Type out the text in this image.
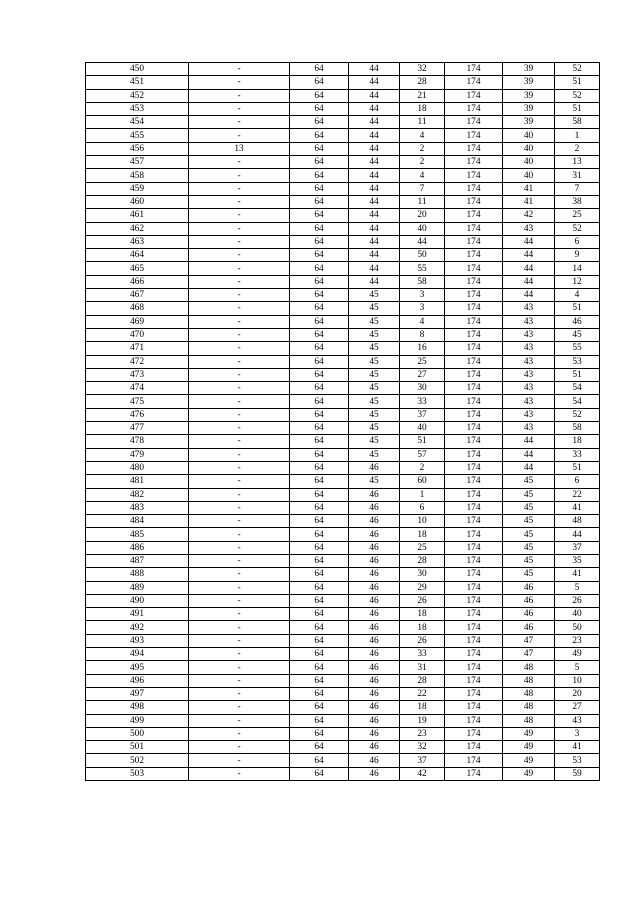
450	-	64	44	32	174	39	52
451	-	64	44	28	174	39	51
452	-	64	44	21	174	39	52
453	-	64	44	18	174	39	51
454	-	64	44	11	174	39	58
455	-	64	44	4	174	40	1
456	13	64	44	2	174	40	2
457	-	64	44	2	174	40	13
458	-	64	44	4	174	40	31
459	-	64	44	7	174	41	7
460	-	64	44	11	174	41	38
461	-	64	44	20	174	42	25
462	-	64	44	40	174	43	52
463	-	64	44	44	174	44	6
464	-	64	44	50	174	44	9
465	-	64	44	55	174	44	14
466	-	64	44	58	174	44	12
467	-	64	45	3	174	44	4
468	-	64	45	3	174	43	51
469	-	64	45	4	174	43	46
470	-	64	45	8	174	43	45
471	-	64	45	16	174	43	55
472	-	64	45	25	174	43	53
473	-	64	45	27	174	43	51
474	-	64	45	30	174	43	54
475	-	64	45	33	174	43	54
476	-	64	45	37	174	43	52
477	-	64	45	40	174	43	58
478	-	64	45	51	174	44	18
479	-	64	45	57	174	44	33
480	-	64	46	2	174	44	51
481	-	64	45	60	174	45	6
482	-	64	46	1	174	45	22
483	-	64	46	6	174	45	41
484	-	64	46	10	174	45	48
485	-	64	46	18	174	45	44
486	-	64	46	25	174	45	37
487	-	64	46	28	174	45	35
488	-	64	46	30	174	45	41
489	-	64	46	29	174	46	5
490	-	64	46	26	174	46	26
491	-	64	46	18	174	46	40
492	-	64	46	18	174	46	50
493	-	64	46	26	174	47	23
494	-	64	46	33	174	47	49
495	-	64	46	31	174	48	5
496	-	64	46	28	174	48	10
497	-	64	46	22	174	48	20
498	-	64	46	18	174	48	27
499	-	64	46	19	174	48	43
500	-	64	46	23	174	49	3
501	-	64	46	32	174	49	41
502	-	64	46	37	174	49	53
503	-	64	46	42	174	49	59
